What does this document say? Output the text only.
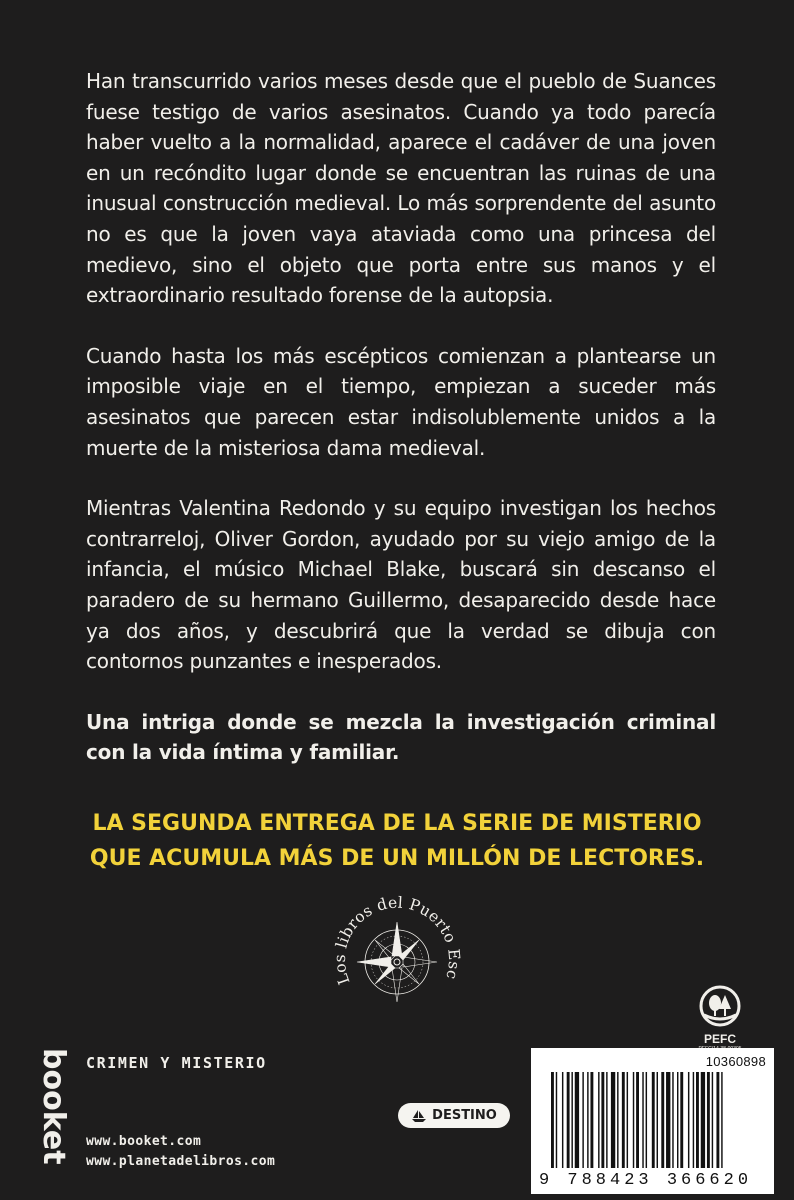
Han transcurrido varios meses desde que el pueblo de Suances fuese testigo de varios asesinatos. Cuando ya todo parecía haber vuelto a la normalidad, aparece el cadáver de una joven en un recóndito lugar donde se encuentran las ruinas de una inusual construcción medieval. Lo más sorprendente del asunto no es que la joven vaya ataviada como una princesa del medievo, sino el objeto que porta entre sus manos y el extraordinario resultado forense de la autopsia.

Cuando hasta los más escépticos comienzan a plantearse un imposible viaje en el tiempo, empiezan a suceder más asesinatos que parecen estar indisolublemente unidos a la muerte de la misteriosa dama medieval.

Mientras Valentina Redondo y su equipo investigan los hechos contrarreloj, Oliver Gordon, ayudado por su viejo amigo de la infancia, el músico Michael Blake, buscará sin descanso el paradero de su hermano Guillermo, desaparecido desde hace ya dos años, y descubrirá que la verdad se dibuja con contornos punzantes e inesperados.

Una intriga donde se mezcla la investigación criminal con la vida íntima y familiar.

LA SEGUNDA ENTREGA DE LA SERIE DE MISTERIO
QUE ACUMULA MÁS DE UN MILLÓN DE LECTORES.
Los libros del Puerto Esc
PEFC
booket CRIMEN Y MISTERIO
www.booket.com
www.planetadelibros.com
DESTINO
10360898
9 788423 366620
